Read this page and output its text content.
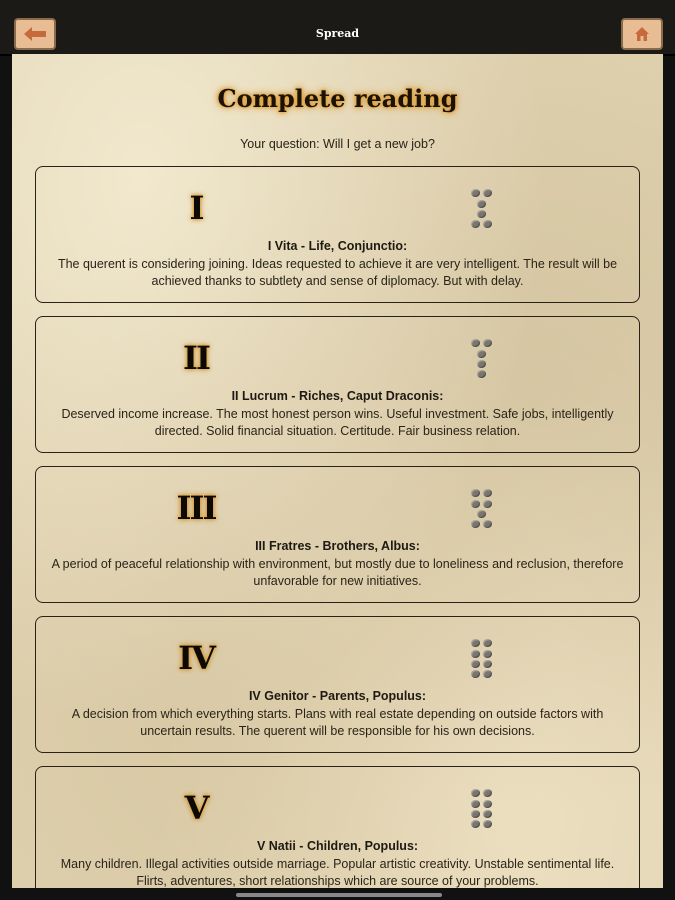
Spread
Complete reading
Your question: Will I get a new job?
I
I Vita - Life, Conjunctio:
The querent is considering joining. Ideas requested to achieve it are very intelligent. The result will be achieved thanks to subtlety and sense of diplomacy. But with delay.
II
II Lucrum - Riches, Caput Draconis:
Deserved income increase. The most honest person wins. Useful investment. Safe jobs, intelligently directed. Solid financial situation. Certitude. Fair business relation.
III
III Fratres - Brothers, Albus:
A period of peaceful relationship with environment, but mostly due to loneliness and reclusion, therefore unfavorable for new initiatives.
IV
IV Genitor - Parents, Populus:
A decision from which everything starts. Plans with real estate depending on outside factors with uncertain results. The querent will be responsible for his own decisions.
V
V Natii - Children, Populus:
Many children. Illegal activities outside marriage. Popular artistic creativity. Unstable sentimental life. Flirts, adventures, short relationships which are source of your problems.
